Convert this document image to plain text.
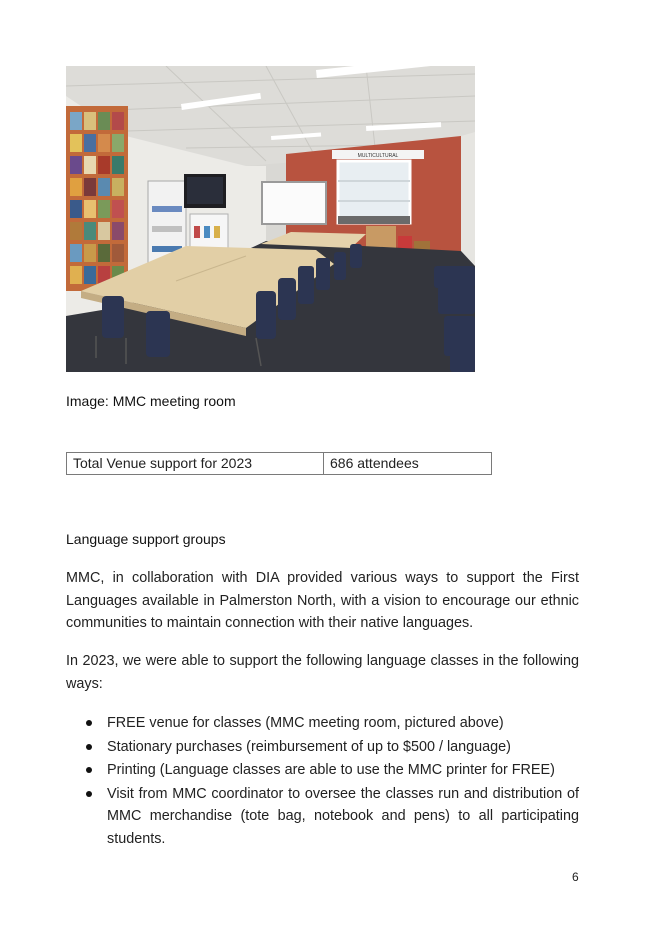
MULTICULTURAL
Image: MMC meeting room
Total Venue support for 2023	686 attendees
Language support groups

MMC, in collaboration with DIA provided various ways to support the First Languages available in Palmerston North, with a vision to encourage our ethnic communities to maintain connection with their native languages.

In 2023, we were able to support the following language classes in the following ways:

FREE venue for classes (MMC meeting room, pictured above)
Stationary purchases (reimbursement of up to $500 / language)
Printing (Language classes are able to use the MMC printer for FREE)
Visit from MMC coordinator to oversee the classes run and distribution of MMC merchandise (tote bag, notebook and pens) to all participating students.
6
